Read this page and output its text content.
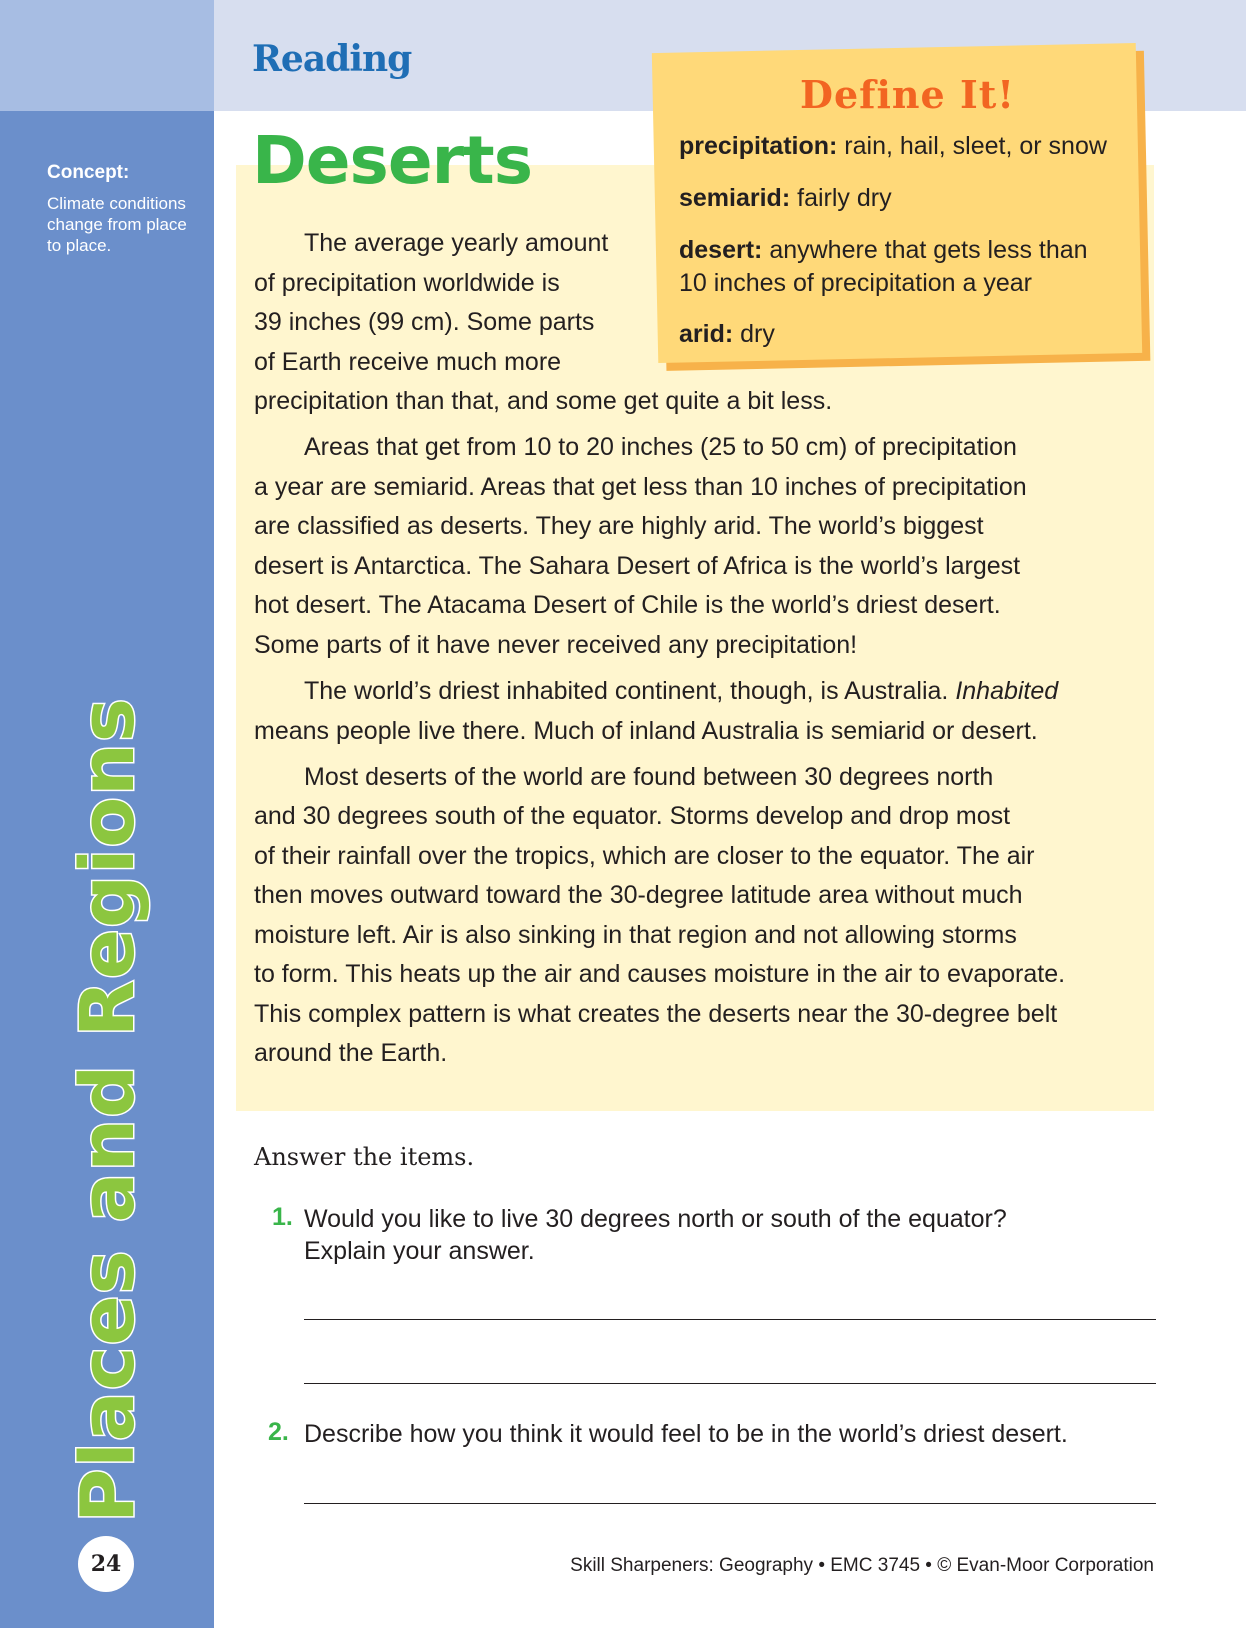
Concept:
Climate conditions change from place to place.
Places and Regions
24
Reading
Deserts
Define It!
precipitation: rain, hail, sleet, or snow
semiarid: fairly dry
desert: anywhere that gets less than 10 inches of precipitation a year
arid: dry
The average yearly amount
of precipitation worldwide is
39 inches (99 cm). Some parts
of Earth receive much more
precipitation than that, and some get quite a bit less.
Areas that get from 10 to 20 inches (25 to 50 cm) of precipitation
a year are semiarid. Areas that get less than 10 inches of precipitation
are classified as deserts. They are highly arid. The world’s biggest
desert is Antarctica. The Sahara Desert of Africa is the world’s largest
hot desert. The Atacama Desert of Chile is the world’s driest desert.
Some parts of it have never received any precipitation!
The world’s driest inhabited continent, though, is Australia. Inhabited
means people live there. Much of inland Australia is semiarid or desert.
Most deserts of the world are found between 30 degrees north
and 30 degrees south of the equator. Storms develop and drop most
of their rainfall over the tropics, which are closer to the equator. The air
then moves outward toward the 30-degree latitude area without much
moisture left. Air is also sinking in that region and not allowing storms
to form. This heats up the air and causes moisture in the air to evaporate.
This complex pattern is what creates the deserts near the 30-degree belt
around the Earth.
Answer the items.
1. Would you like to live 30 degrees north or south of the equator?
Explain your answer.
2. Describe how you think it would feel to be in the world’s driest desert.
Skill Sharpeners: Geography • EMC 3745 • © Evan-Moor Corporation
